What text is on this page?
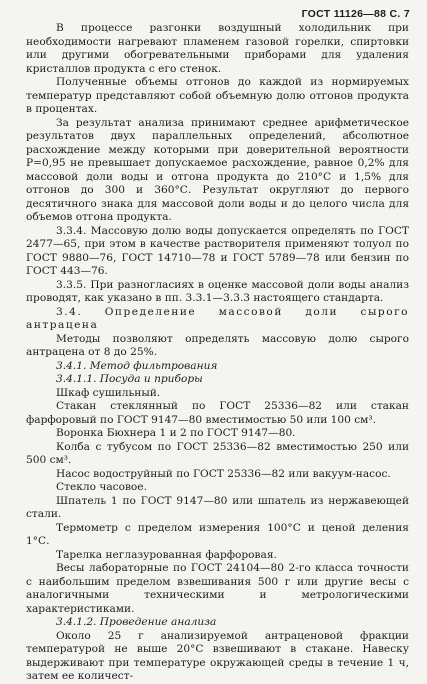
ГОСТ 11126—88 С. 7

В процессе разгонки воздушный холодильник при необходимости нагревают пламенем газовой горелки, спиртовки или другими обогревательными приборами для удаления кристаллов продукта с его стенок.

Полученные объемы отгонов до каждой из нормируемых температур представляют собой объемную долю отгонов продукта в процентах.

За результат анализа принимают среднее арифметическое результатов двух параллельных определений, абсолютное расхождение между которыми при доверительной вероятности P=0,95 не превышает допускаемое расхождение, равное 0,2% для массовой доли воды и отгона продукта до 210°С и 1,5% для отгонов до 300 и 360°С. Результат округляют до первого десятичного знака для массовой доли воды и до целого числа для объемов отгона продукта.

3.3.4. Массовую долю воды допускается определять по ГОСТ 2477—65, при этом в качестве растворителя применяют толуол по ГОСТ 9880—76, ГОСТ 14710—78 и ГОСТ 5789—78 или бензин по ГОСТ 443—76.

3.3.5. При разногласиях в оценке массовой доли воды анализ проводят, как указано в пп. 3.3.1—3.3.3 настоящего стандарта.

3.4. Определение массовой доли сырого антрацена

Методы позволяют определять массовую долю сырого антрацена от 8 до 25%.

3.4.1. Метод фильтрования

3.4.1.1. Посуда и приборы

Шкаф сушильный.

Стакан стеклянный по ГОСТ 25336—82 или стакан фарфоровый по ГОСТ 9147—80 вместимостью 50 или 100 см³.

Воронка Бюхнера 1 и 2 по ГОСТ 9147—80.

Колба с тубусом по ГОСТ 25336—82 вместимостью 250 или 500 см³.

Насос водоструйный по ГОСТ 25336—82 или вакуум-насос.

Стекло часовое.

Шпатель 1 по ГОСТ 9147—80 или шпатель из нержавеющей стали.

Термометр с пределом измерения 100°С и ценой деления 1°С.

Тарелка неглазурованная фарфоровая.

Весы лабораторные по ГОСТ 24104—80 2-го класса точности с наибольшим пределом взвешивания 500 г или другие весы с аналогичными техническими и метрологическими характеристиками.

3.4.1.2. Проведение анализа

Около 25 г анализируемой антраценовой фракции температурой не выше 20°С взвешивают в стакане. Навеску выдерживают при температуре окружающей среды в течение 1 ч, затем ее количест-
